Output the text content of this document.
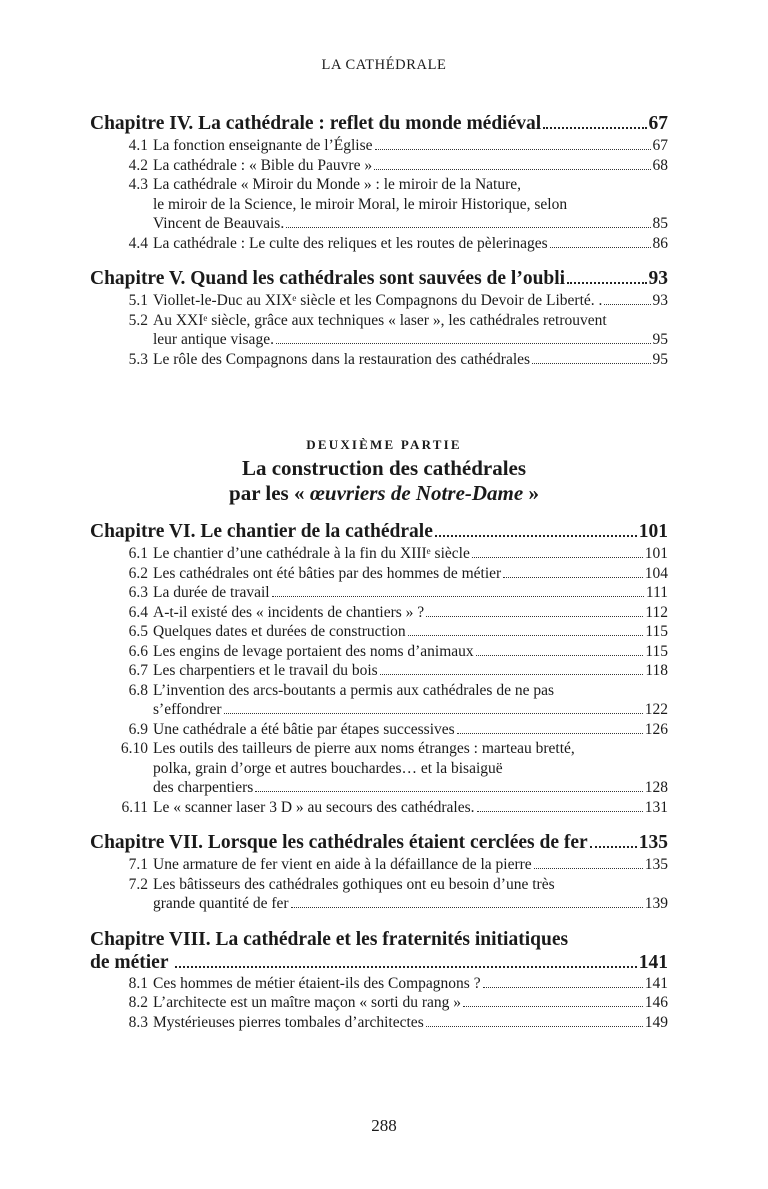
LA CATHÉDRALE
Chapitre IV. La cathédrale : reflet du monde médiéval	67
4.1 La fonction enseignante de l’Église	67
4.2 La cathédrale : « Bible du Pauvre »	68
4.3 La cathédrale « Miroir du Monde » : le miroir de la Nature,
le miroir de la Science, le miroir Moral, le miroir Historique, selon
Vincent de Beauvais.	85
4.4 La cathédrale : Le culte des reliques et les routes de pèlerinages	86
Chapitre V. Quand les cathédrales sont sauvées de l’oubli	93
5.1 Viollet-le-Duc au XIXᵉ siècle et les Compagnons du Devoir de Liberté. .	93
5.2 Au XXIᵉ siècle, grâce aux techniques « laser », les cathédrales retrouvent
leur antique visage.	95
5.3 Le rôle des Compagnons dans la restauration des cathédrales	95
DEUXIÈME PARTIE
La construction des cathédrales
par les « œuvriers de Notre-Dame »
Chapitre VI. Le chantier de la cathédrale	101
6.1 Le chantier d’une cathédrale à la fin du XIIIᵉ siècle	101
6.2 Les cathédrales ont été bâties par des hommes de métier	104
6.3 La durée de travail	111
6.4 A-t-il existé des « incidents de chantiers » ?	112
6.5 Quelques dates et durées de construction	115
6.6 Les engins de levage portaient des noms d’animaux	115
6.7 Les charpentiers et le travail du bois	118
6.8 L’invention des arcs-boutants a permis aux cathédrales de ne pas
s’effondrer	122
6.9 Une cathédrale a été bâtie par étapes successives	126
6.10 Les outils des tailleurs de pierre aux noms étranges : marteau bretté,
polka, grain d’orge et autres bouchardes… et la bisaiguë
des charpentiers	128
6.11 Le « scanner laser 3 D » au secours des cathédrales.	131
Chapitre VII. Lorsque les cathédrales étaient cerclées de fer	135
7.1 Une armature de fer vient en aide à la défaillance de la pierre	135
7.2 Les bâtisseurs des cathédrales gothiques ont eu besoin d’une très
grande quantité de fer	139
Chapitre VIII. La cathédrale et les fraternités initiatiques
de métier	141
8.1 Ces hommes de métier étaient-ils des Compagnons ?	141
8.2 L’architecte est un maître maçon « sorti du rang »	146
8.3 Mystérieuses pierres tombales d’architectes	149
288
